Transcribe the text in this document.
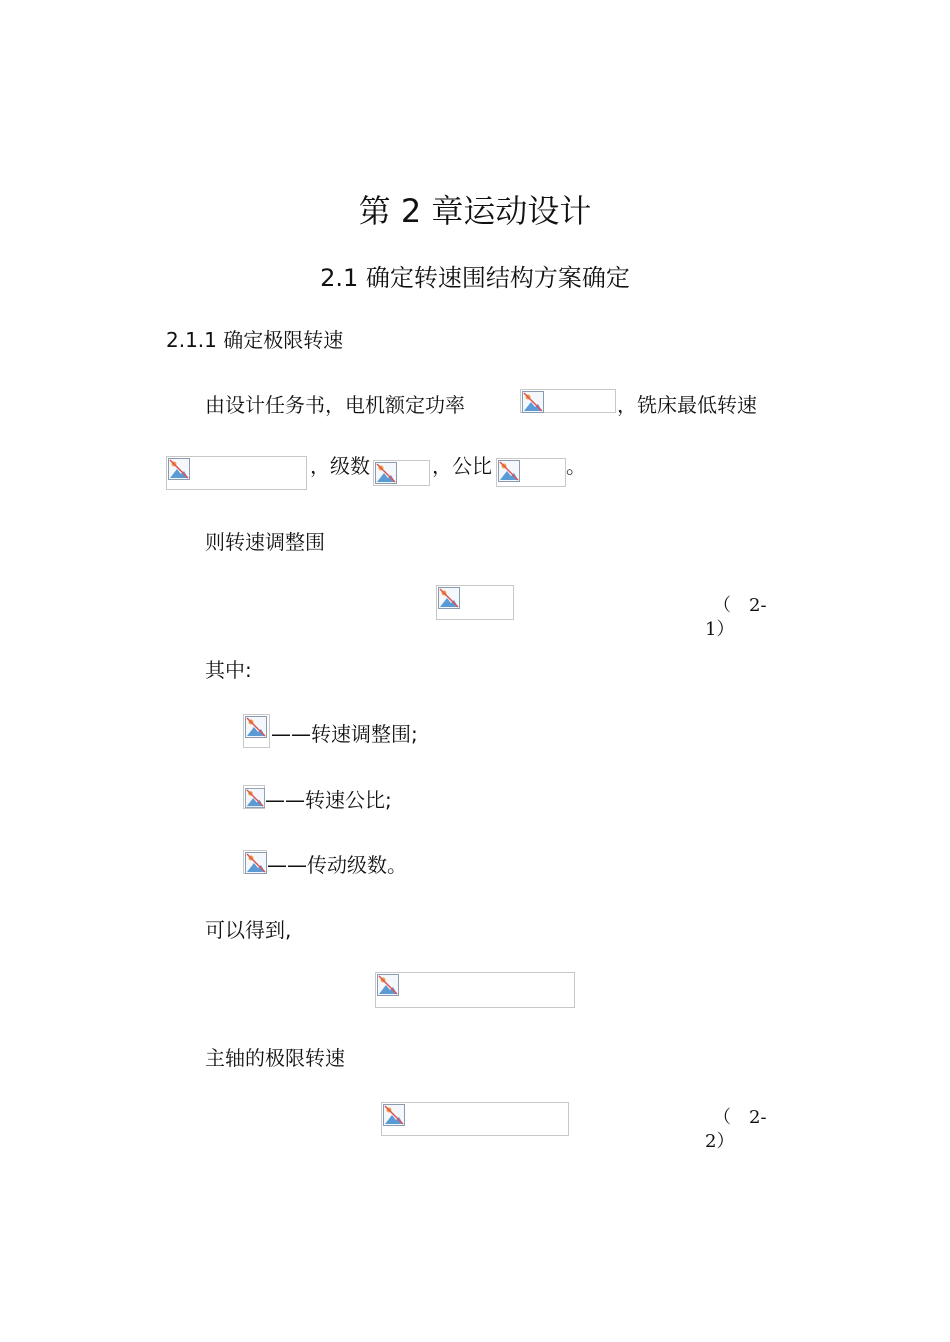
第 2 章运动设计
2.1 确定转速围结构方案确定
2.1.1 确定极限转速
由设计任务书，电机额定功率	，铣床最低转速
，级数	，公比	。
则转速调整围
（　2-
1）
其中:
——转速调整围;
——转速公比;
——传动级数。
可以得到,
主轴的极限转速
（　2-
2）
